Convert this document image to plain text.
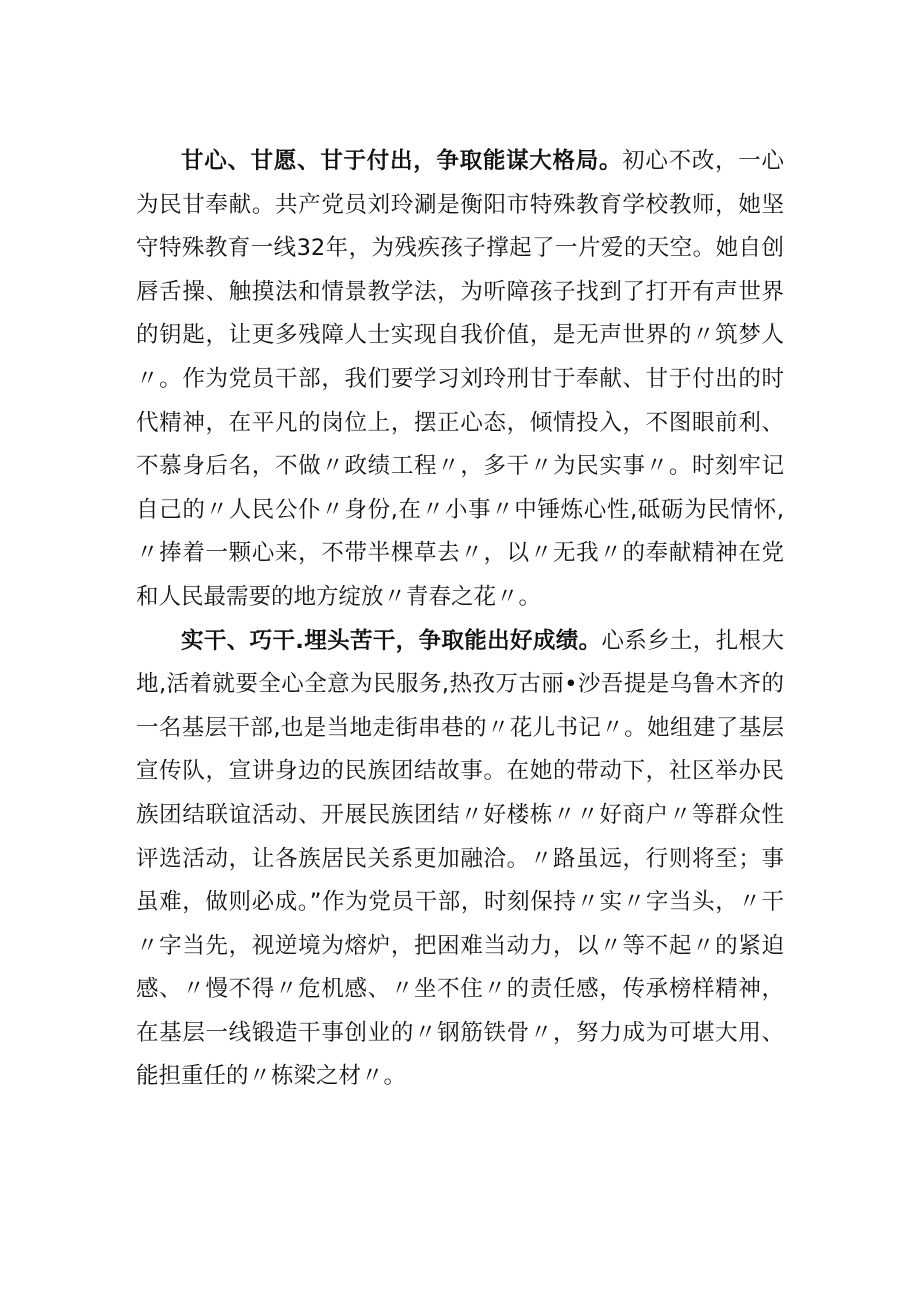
甘心、甘愿、甘于付出，争取能谋大格局。初心不改，一心为民甘奉献。共产党员刘玲涮是衡阳市特殊教育学校教师，她坚守特殊教育一线32年，为残疾孩子撑起了一片爱的天空。她自创唇舌操、触摸法和情景教学法，为听障孩子找到了打开有声世界的钥匙，让更多残障人士实现自我价值，是无声世界的〃筑梦人〃。作为党员干部，我们要学习刘玲刑甘于奉献、甘于付出的时代精神，在平凡的岗位上，摆正心态，倾情投入，不图眼前利、不慕身后名，不做〃政绩工程〃，多干〃为民实事〃。时刻牢记自己的〃人民公仆〃身份,在〃小事〃中锤炼心性,砥砺为民情怀,〃捧着一颗心来，不带半棵草去〃，以〃无我〃的奉献精神在党和人民最需要的地方绽放〃青春之花〃。

实干、巧干.埋头苦干，争取能出好成绩。心系乡土，扎根大地,活着就要全心全意为民服务,热孜万古丽•沙吾提是乌鲁木齐的一名基层干部,也是当地走街串巷的〃花儿书记〃。她组建了基层宣传队，宣讲身边的民族团结故事。在她的带动下，社区举办民族团结联谊活动、开展民族团结〃好楼栋〃〃好商户〃等群众性评选活动，让各族居民关系更加融洽。〃路虽远，行则将至；事虽难，做则必成。”作为党员干部，时刻保持〃实〃字当头，〃干〃字当先，视逆境为熔炉，把困难当动力，以〃等不起〃的紧迫感、〃慢不得〃危机感、〃坐不住〃的责任感，传承榜样精神，在基层一线锻造干事创业的〃钢筋铁骨〃，努力成为可堪大用、能担重任的〃栋梁之材〃。
